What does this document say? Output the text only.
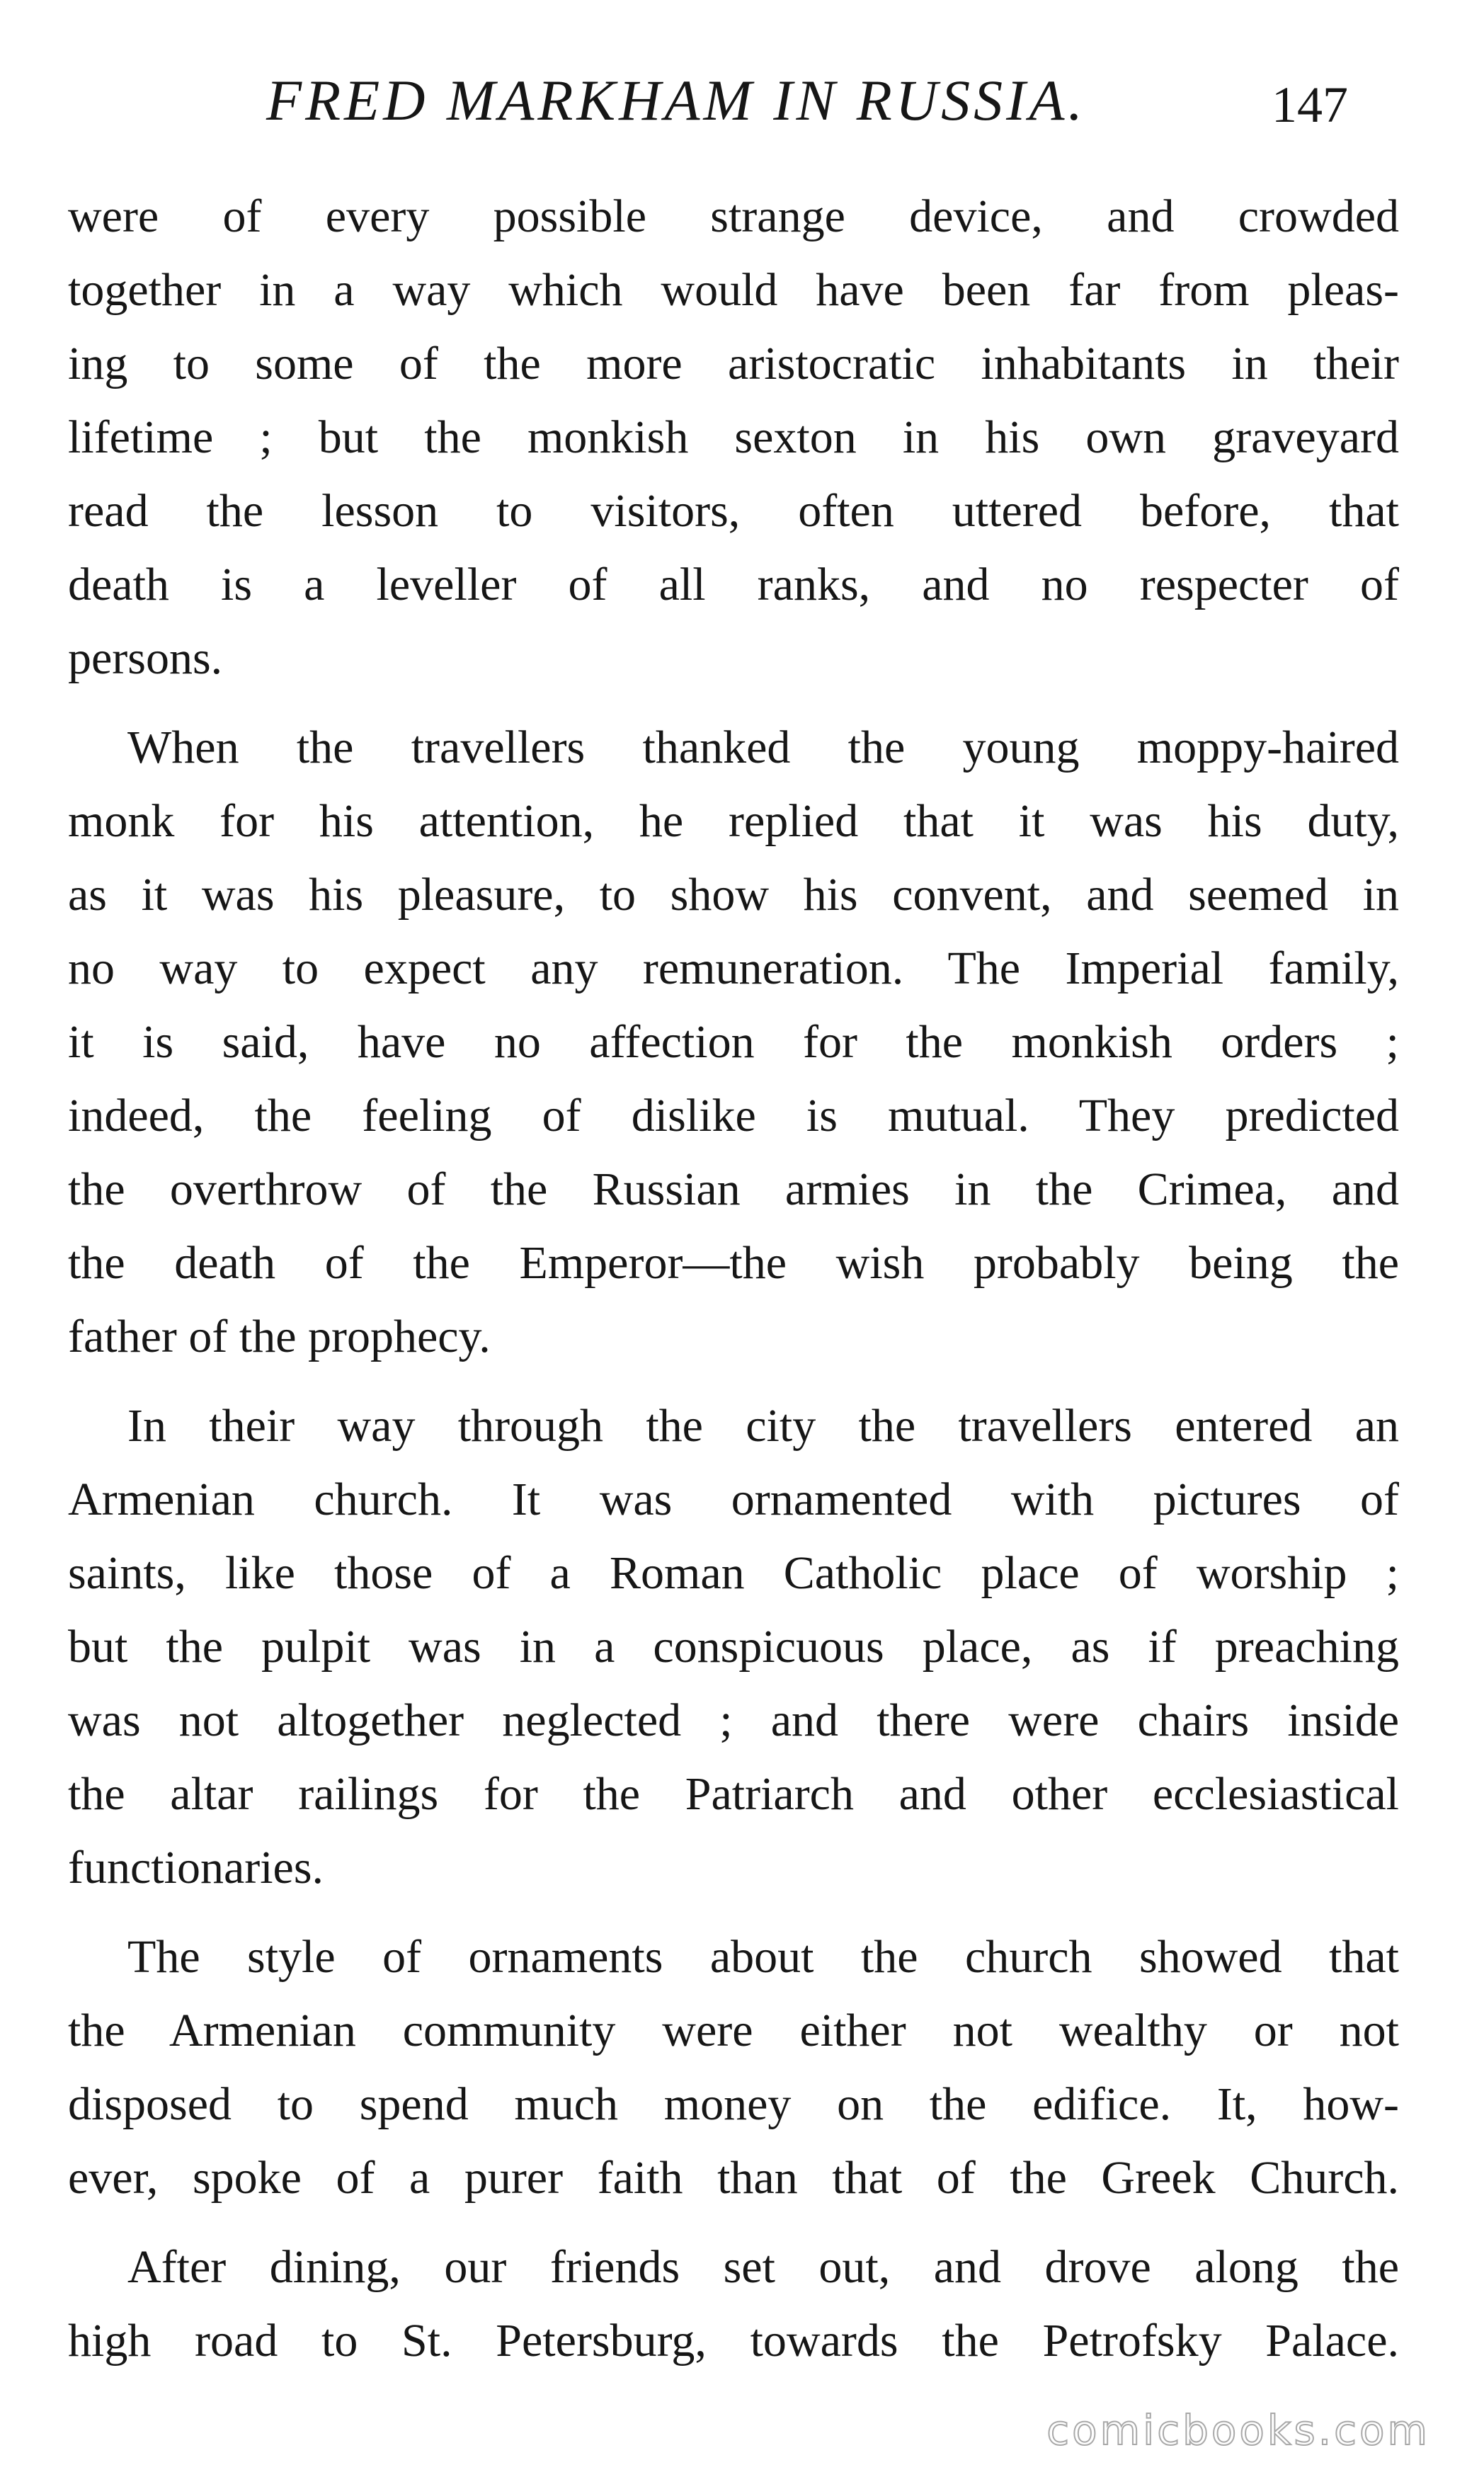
FRED MARKHAM IN RUSSIA.	147

were of every possible strange device, and crowded
together in a way which would have been far from pleas-
ing to some of the more aristocratic inhabitants in their
lifetime ; but the monkish sexton in his own graveyard
read the lesson to visitors, often uttered before, that
death is a leveller of all ranks, and no respecter of
persons.

When the travellers thanked the young moppy-haired
monk for his attention, he replied that it was his duty,
as it was his pleasure, to show his convent, and seemed in
no way to expect any remuneration. The Imperial family,
it is said, have no affection for the monkish orders ;
indeed, the feeling of dislike is mutual. They predicted
the overthrow of the Russian armies in the Crimea, and
the death of the Emperor—the wish probably being the
father of the prophecy.

In their way through the city the travellers entered an
Armenian church. It was ornamented with pictures of
saints, like those of a Roman Catholic place of worship ;
but the pulpit was in a conspicuous place, as if preaching
was not altogether neglected ; and there were chairs inside
the altar railings for the Patriarch and other ecclesiastical
functionaries.

The style of ornaments about the church showed that
the Armenian community were either not wealthy or not
disposed to spend much money on the edifice. It, how-
ever, spoke of a purer faith than that of the Greek Church.

After dining, our friends set out, and drove along the
high road to St. Petersburg, towards the Petrofsky Palace.

comicbooks.com
